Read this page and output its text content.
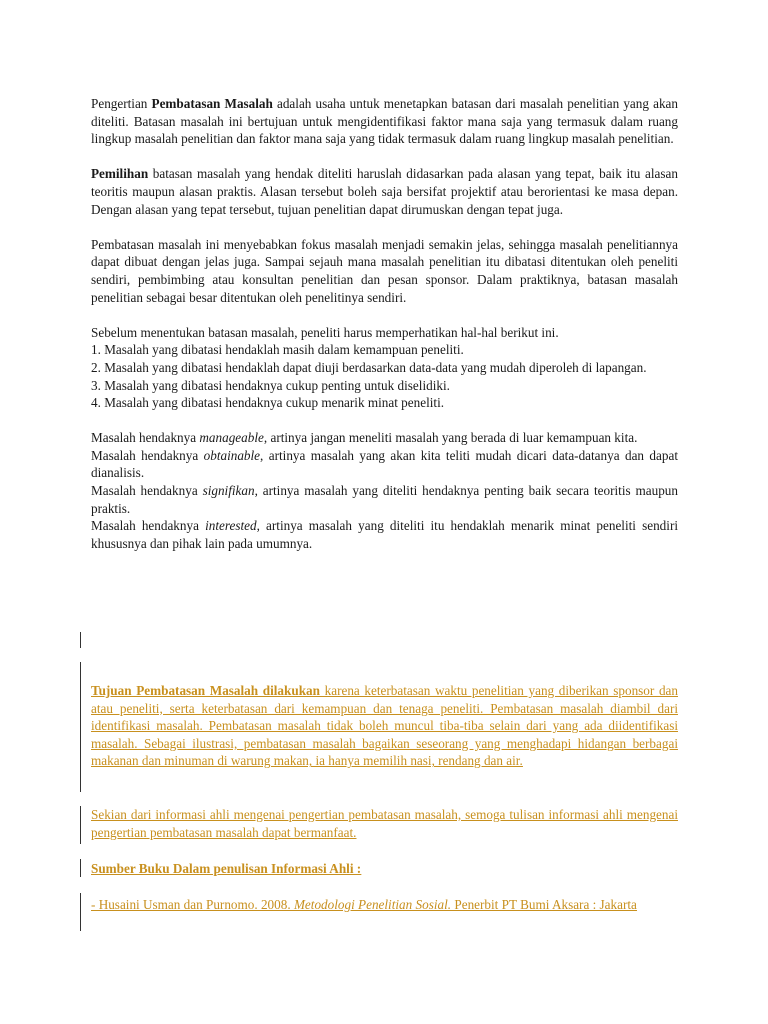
Pengertian Pembatasan Masalah adalah usaha untuk menetapkan batasan dari masalah penelitian yang akan diteliti. Batasan masalah ini bertujuan untuk mengidentifikasi faktor mana saja yang termasuk dalam ruang lingkup masalah penelitian dan faktor mana saja yang tidak termasuk dalam ruang lingkup masalah penelitian.

Pemilihan batasan masalah yang hendak diteliti haruslah didasarkan pada alasan yang tepat, baik itu alasan teoritis maupun alasan praktis. Alasan tersebut boleh saja bersifat projektif atau berorientasi ke masa depan. Dengan alasan yang tepat tersebut, tujuan penelitian dapat dirumuskan dengan tepat juga.

Pembatasan masalah ini menyebabkan fokus masalah menjadi semakin jelas, sehingga masalah penelitiannya dapat dibuat dengan jelas juga. Sampai sejauh mana masalah penelitian itu dibatasi ditentukan oleh peneliti sendiri, pembimbing atau konsultan penelitian dan pesan sponsor. Dalam praktiknya, batasan masalah penelitian sebagai besar ditentukan oleh penelitinya sendiri.

Sebelum menentukan batasan masalah, peneliti harus memperhatikan hal-hal berikut ini.

1. Masalah yang dibatasi hendaklah masih dalam kemampuan peneliti.

2. Masalah yang dibatasi hendaklah dapat diuji berdasarkan data-data yang mudah diperoleh di lapangan.

3. Masalah yang dibatasi hendaknya cukup penting untuk diselidiki.

4. Masalah yang dibatasi hendaknya cukup menarik minat peneliti.

Masalah hendaknya manageable, artinya jangan meneliti masalah yang berada di luar kemampuan kita.

Masalah hendaknya obtainable, artinya masalah yang akan kita teliti mudah dicari data-datanya dan dapat dianalisis.

Masalah hendaknya signifikan, artinya masalah yang diteliti hendaknya penting baik secara teoritis maupun praktis.

Masalah hendaknya interested, artinya masalah yang diteliti itu hendaklah menarik minat peneliti sendiri khususnya dan pihak lain pada umumnya.

Tujuan Pembatasan Masalah dilakukan karena keterbatasan waktu penelitian yang diberikan sponsor dan atau peneliti, serta keterbatasan dari kemampuan dan tenaga peneliti. Pembatasan masalah diambil dari identifikasi masalah. Pembatasan masalah tidak boleh muncul tiba-tiba selain dari yang ada diidentifikasi masalah. Sebagai ilustrasi, pembatasan masalah bagaikan seseorang yang menghadapi hidangan berbagai makanan dan minuman di warung makan, ia hanya memilih nasi, rendang dan air.

Sekian dari informasi ahli mengenai pengertian pembatasan masalah, semoga tulisan informasi ahli mengenai pengertian pembatasan masalah dapat bermanfaat.

Sumber Buku Dalam penulisan Informasi Ahli :

- Husaini Usman dan Purnomo. 2008. Metodologi Penelitian Sosial. Penerbit PT Bumi Aksara : Jakarta
